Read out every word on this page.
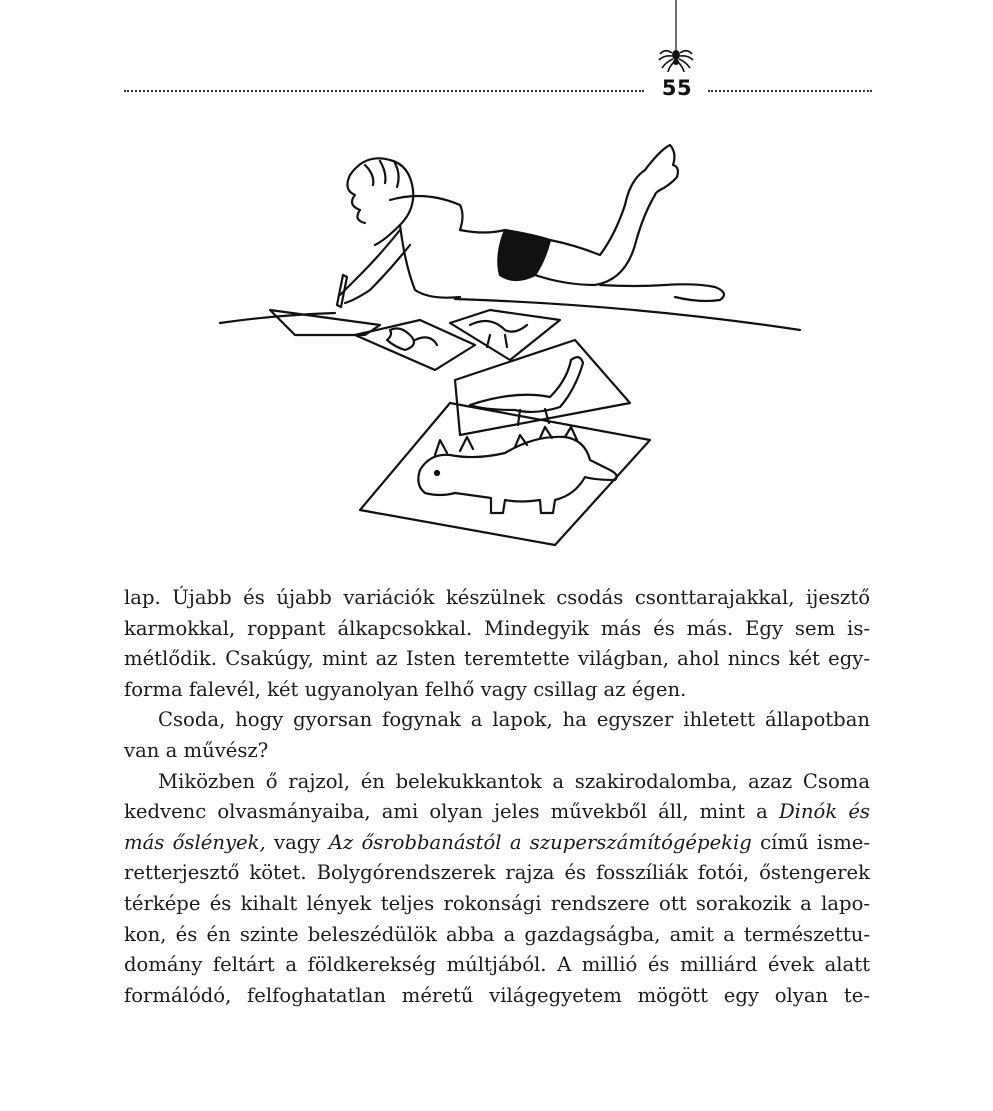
55
lap. Újabb és újabb variációk készülnek csodás csonttarajakkal, ijesztő
karmokkal, roppant álkapcsokkal. Mindegyik más és más. Egy sem is-
métlődik. Csakúgy, mint az Isten teremtette világban, ahol nincs két egy-
forma falevél, két ugyanolyan felhő vagy csillag az égen.
Csoda, hogy gyorsan fogynak a lapok, ha egyszer ihletett állapotban
van a művész?
Miközben ő rajzol, én belekukkantok a szakirodalomba, azaz Csoma
kedvenc olvasmányaiba, ami olyan jeles művekből áll, mint a Dinók és
más őslények, vagy Az ősrobbanástól a szuperszámítógépekig című isme-
retterjesztő kötet. Bolygórendszerek rajza és fosszíliák fotói, őstengerek
térképe és kihalt lények teljes rokonsági rendszere ott sorakozik a lapo-
kon, és én szinte beleszédülök abba a gazdagságba, amit a természettu-
domány feltárt a földkerekség múltjából. A millió és milliárd évek alatt
formálódó, felfoghatatlan méretű világegyetem mögött egy olyan te-
